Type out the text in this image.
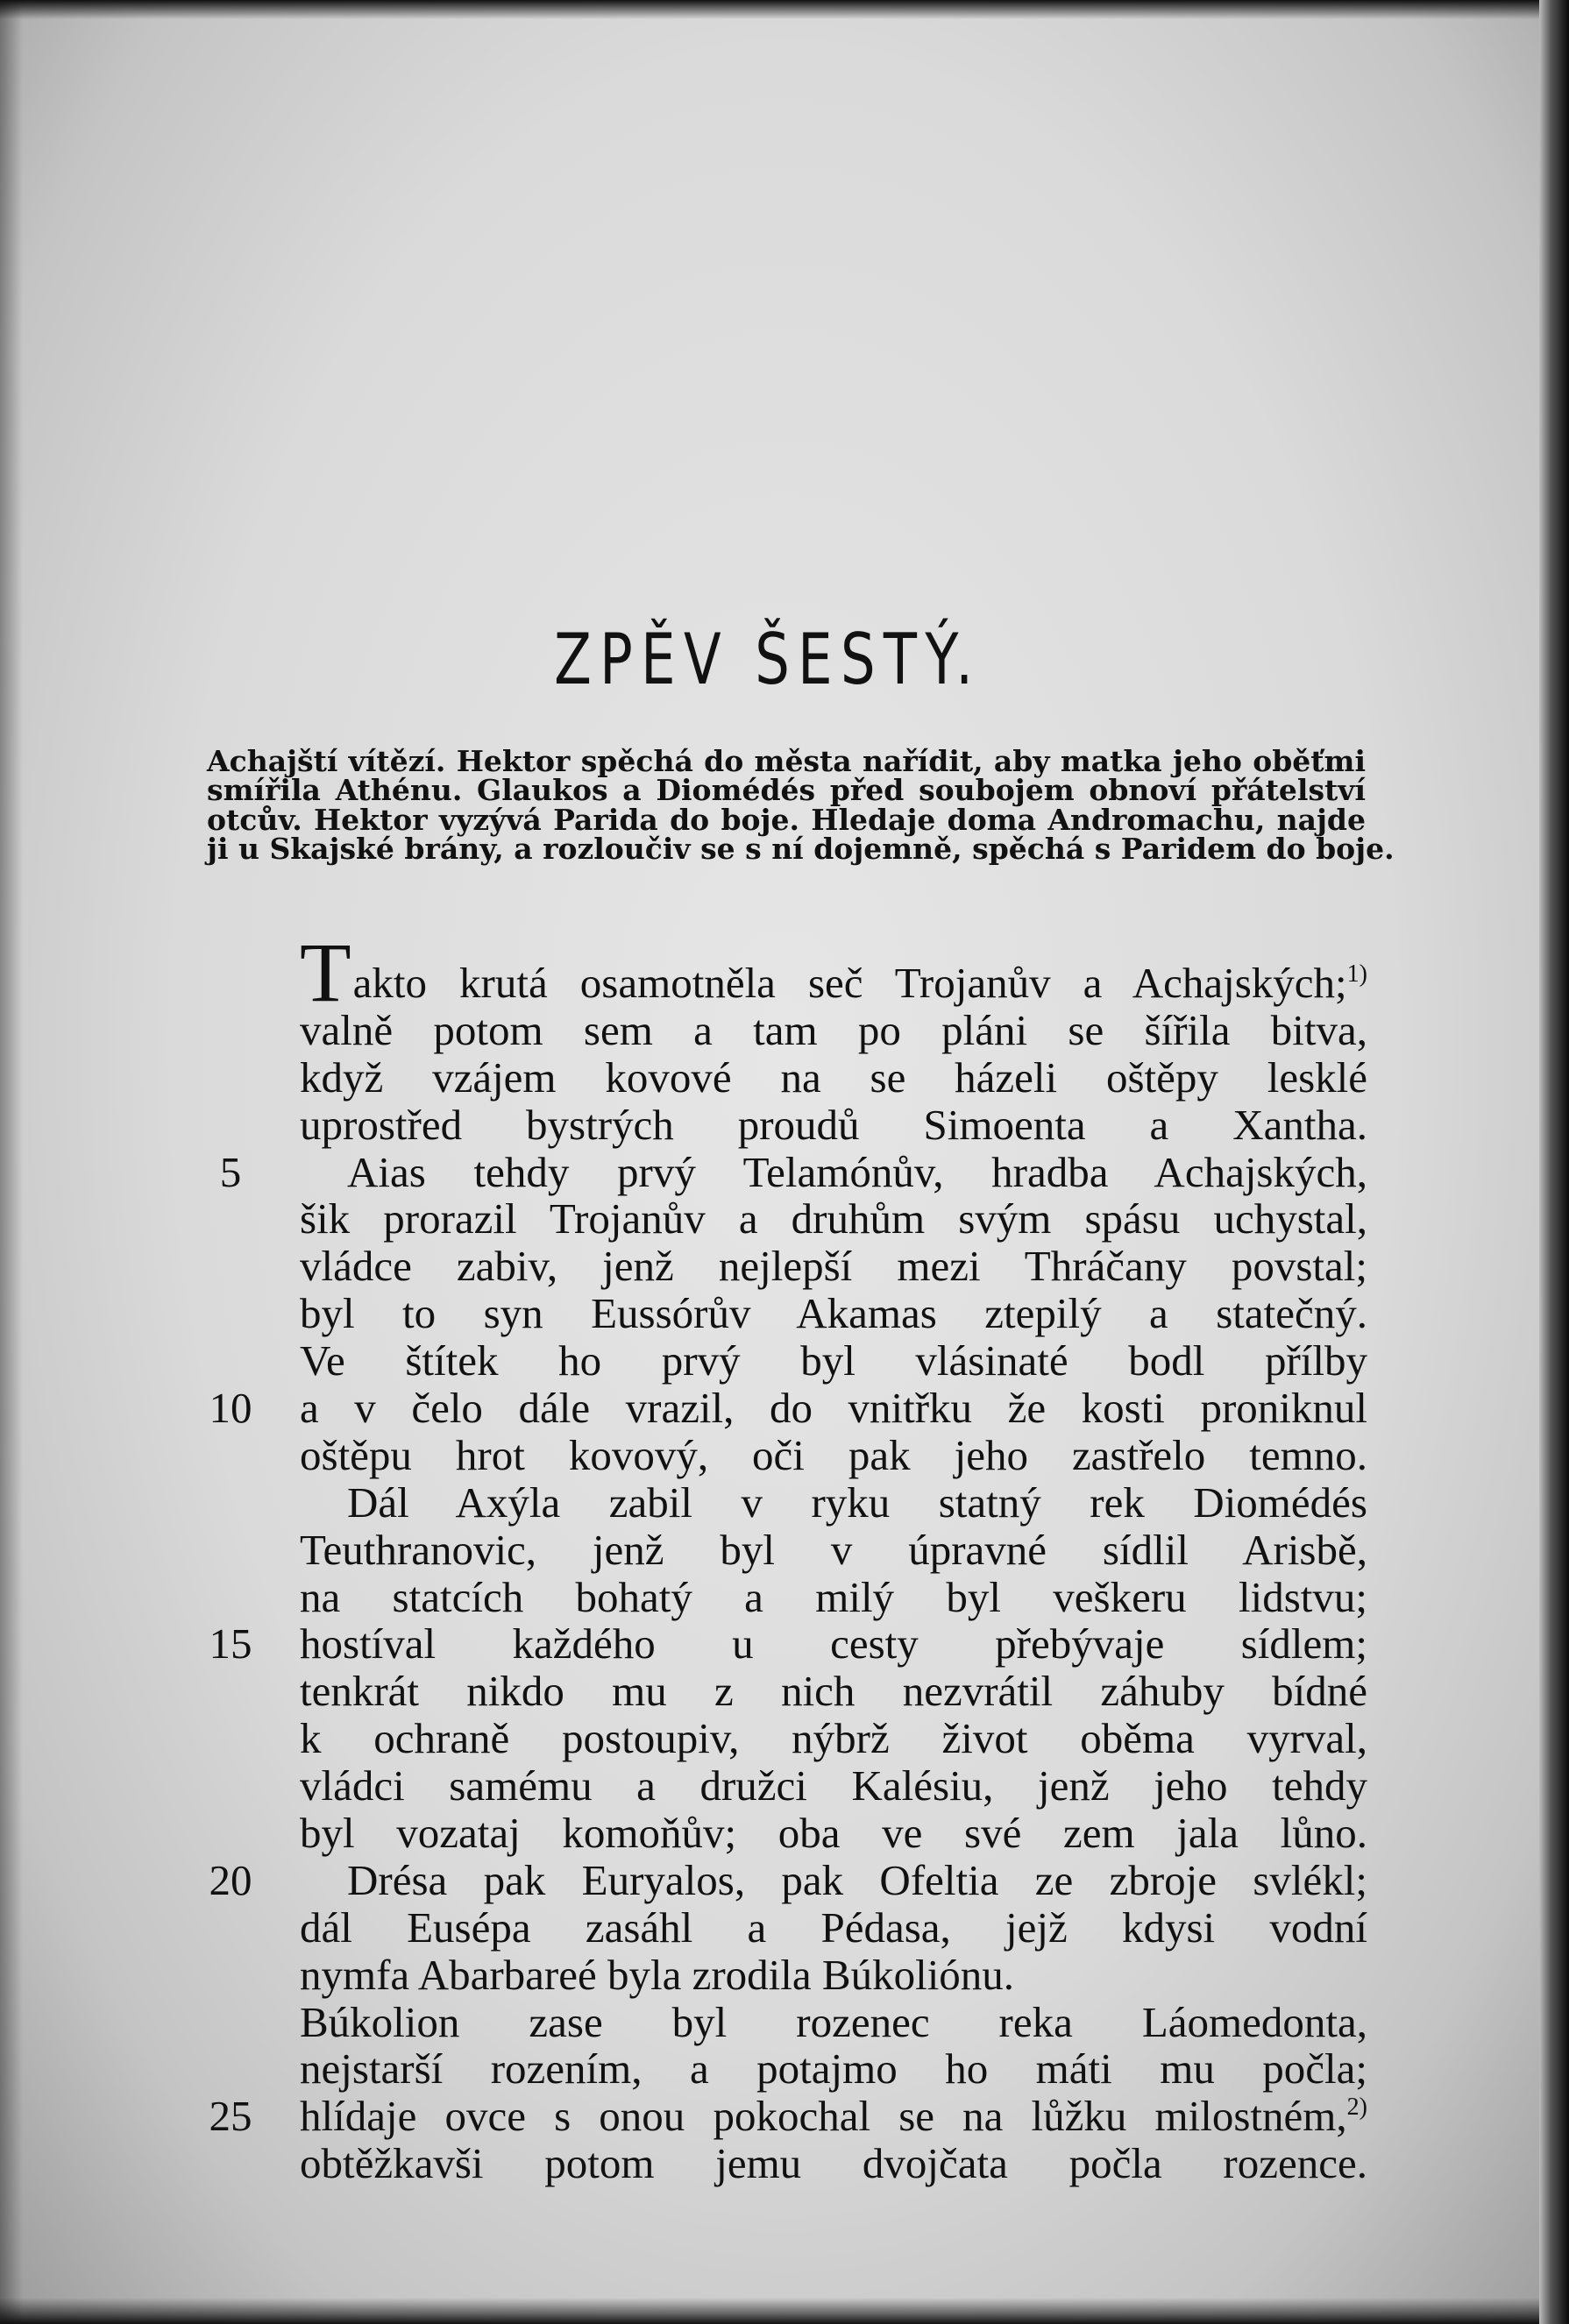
ZPĚV ŠESTÝ.
Achajští vítězí. Hektor spěchá do města nařídit, aby matka jeho oběťmi
smířila Athénu. Glaukos a Diomédés před soubojem obnoví přátelství
otcův. Hektor vyzývá Parida do boje. Hledaje doma Andromachu, najde
ji u Skajské brány, a rozloučiv se s ní dojemně, spěchá s Paridem do boje.
Takto krutá osamotněla seč Trojanův a Achajských;$^{1)}$
valně potom sem a tam po pláni se šířila bitva,
když vzájem kovové na se házeli oštěpy lesklé
uprostřed bystrých proudů Simoenta a Xantha.
5	Aias tehdy prvý Telamónův, hradba Achajských,
šik prorazil Trojanův a druhům svým spásu uchystal,
vládce zabiv, jenž nejlepší mezi Thráčany povstal;
byl to syn Eussórův Akamas ztepilý a statečný.
Ve štítek ho prvý byl vlásinaté bodl přílby
10 a v čelo dále vrazil, do vnitřku že kosti proniknul
oštěpu hrot kovový, oči pak jeho zastřelo temno.
Dál Axýla zabil v ryku statný rek Diomédés
Teuthranovic, jenž byl v úpravné sídlil Arisbě,
na statcích bohatý a milý byl veškeru lidstvu;
15 hostíval každého u cesty přebývaje sídlem;
tenkrát nikdo mu z nich nezvrátil záhuby bídné
k ochraně postoupiv, nýbrž život oběma vyrval,
vládci samému a družci Kalésiu, jenž jeho tehdy
byl vozataj komoňův; oba ve své zem jala lůno.
20 Drésa pak Euryalos, pak Ofeltia ze zbroje svlékl;
dál Eusépa zasáhl a Pédasa, jejž kdysi vodní
nymfa Abarbareé byla zrodila Búkoliónu.
Búkolion zase byl rozenec reka Láomedonta,
nejstarší rozením, a potajmo ho máti mu počla;
25 hlídaje ovce s onou pokochal se na lůžku milostném,$^{2)}$
obtěžkavši potom jemu dvojčata počla rozence.
